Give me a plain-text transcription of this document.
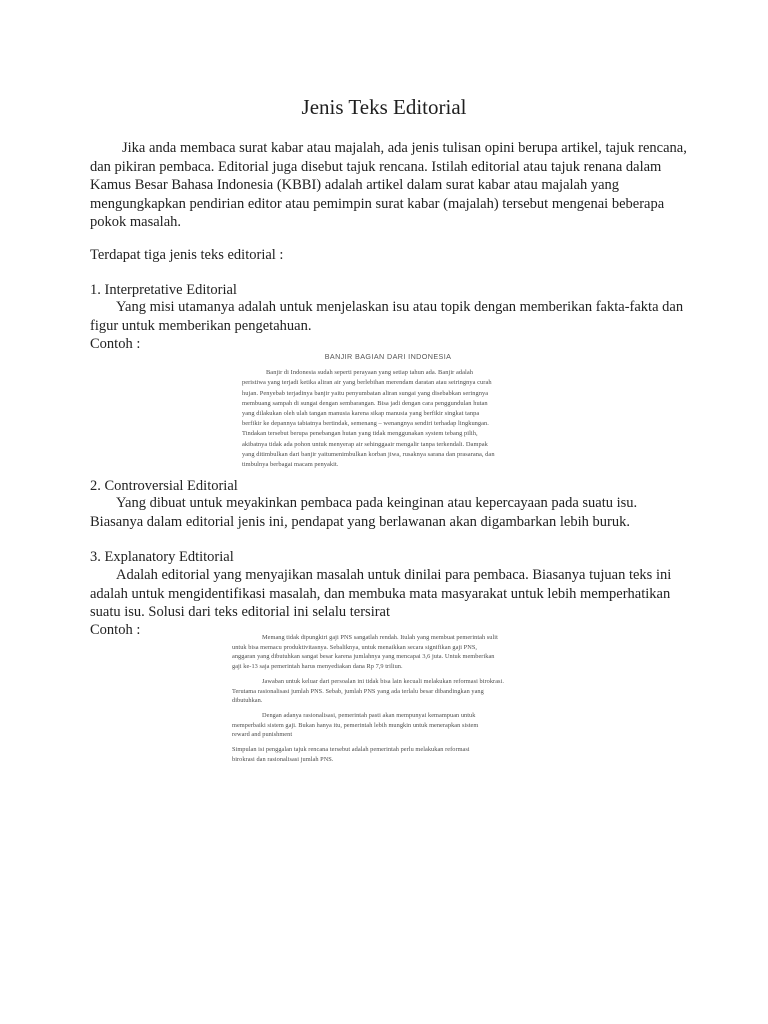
Jenis Teks Editorial

Jika anda membaca surat kabar atau majalah, ada jenis tulisan opini berupa artikel, tajuk rencana, dan pikiran pembaca. Editorial juga disebut tajuk rencana. Istilah editorial atau tajuk renana dalam Kamus Besar Bahasa Indonesia (KBBI) adalah artikel dalam surat kabar atau majalah yang mengungkapkan pendirian editor atau pemimpin surat kabar (majalah) tersebut mengenai beberapa pokok masalah.

Terdapat tiga jenis teks editorial :

1. Interpretative Editorial

Yang misi utamanya adalah untuk menjelaskan isu atau topik dengan memberikan fakta-fakta dan figur untuk memberikan pengetahuan.

Contoh :

BANJIR BAGIAN DARI INDONESIA
Banjir di Indonesia sudah seperti perayaan yang setiap tahun ada. Banjir adalah
peristiwa yang terjadi ketika aliran air yang berlebihan merendam daratan atau seiringnya curah
hujan. Penyebab terjadinya banjir yaitu penyumbatan aliran sungai yang disebabkan seringnya
membuang sampah di sungai dengan sembarangan. Bisa jadi dengan cara penggundulan hutan
yang dilakukan oleh ulah tangan manusia karena sikap manusia yang berfikir singkat tanpa
berfikir ke depannya tabiatnya bertindak, semenang – wenangnya sendiri terhadap lingkungan.
Tindakan tersebut berupa penebangan hutan yang tidak menggunakan system tebang pilih,
akibatnya tidak ada pohon untuk menyerap air sehinggaair mengalir tanpa terkendali. Dampak
yang ditimbulkan dari banjir yaitumenimbulkan korban jiwa, rusaknya sarana dan prasarana, dan
timbulnya berbagai macam penyakit.

2. Controversial Editorial

Yang dibuat untuk meyakinkan pembaca pada keinginan atau kepercayaan pada suatu isu. Biasanya dalam editorial jenis ini, pendapat yang berlawanan akan digambarkan lebih buruk.

3. Explanatory Edtitorial

Adalah editorial yang menyajikan masalah untuk dinilai para pembaca. Biasanya tujuan teks ini adalah untuk mengidentifikasi masalah, dan membuka mata masyarakat untuk lebih memperhatikan suatu isu. Solusi dari teks editorial ini selalu tersirat

Contoh :	Memang tidak dipungkiri gaji PNS sangatlah rendah. Itulah yang membuat pemerintah sulit
untuk bisa memacu produktivitasnya. Sebaliknya, untuk menaikkan secara signifikan gaji PNS,
anggaran yang dibutuhkan sangat besar karena jumlahnya yang mencapai 3,6 juta. Untuk memberikan
gaji ke-13 saja pemerintah harus menyediakan dana Rp 7,9 triliun.
Jawaban untuk keluar dari persoalan ini tidak bisa lain kecuali melakukan reformasi birokrasi.
Terutama rasionalisasi jumlah PNS. Sebab, jumlah PNS yang ada terlalu besar dibandingkan yang
dibutuhkan.
Dengan adanya rasionalisasi, pemerintah pasti akan mempunyai kemampuan untuk
memperbaiki sistem gaji. Bukan hanya itu, pemerintah lebih mungkin untuk menerapkan sistem
reward and punishment
Simpulan isi penggalan tajuk rencana tersebut adalah pemerintah perlu melakukan reformasi
birokrasi dan rasionalisasi jumlah PNS.
